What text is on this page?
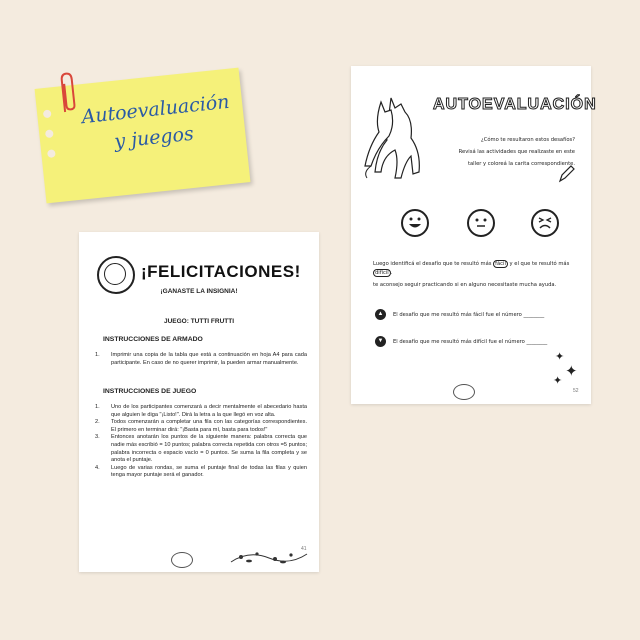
Autoevaluación
y juegos
¡FELICITACIONES!
¡GANASTE LA INSIGNIA!
JUEGO: TUTTI FRUTTI
INSTRUCCIONES DE ARMADO
1. Imprimir una copia de la tabla que está a continuación en hoja A4 para cada participante. En caso de no querer imprimir, la pueden armar manualmente.
INSTRUCCIONES DE JUEGO
1. Uno de los participantes comenzará a decir mentalmente el abecedario hasta que alguien le diga "¡Listo!". Dirá la letra a la que llegó en voz alta.
2. Todos comenzarán a completar una fila con las categorías correspondientes. El primero en terminar dirá: "¡Basta para mí, basta para todos!"
3. Entonces anotarán los puntos de la siguiente manera: palabra correcta que nadie más escribió = 10 puntos; palabra correcta repetida con otros =5 puntos; palabra incorrecta o espacio vacío = 0 puntos. Se suma la fila completa y se anota el puntaje.
4. Luego de varias rondas, se suma el puntaje final de todas las filas y quien tenga mayor puntaje será el ganador.
41
AUTOEVALUACIÓN
¿Cómo te resultaron estos desafíos?
Revisá las actividades que realizaste en este
taller y coloreá la carita correspondiente.
Luego identificá el desafío que te resultó más fácil y el que te resultó más difícil .
te aconsejo seguir practicando si en alguno necesitaste mucha ayuda.
▲	El desafío que me resultó más fácil fue el número ________
▼	El desafío que me resultó más difícil fue el número ________
✦
✦
✦
52
